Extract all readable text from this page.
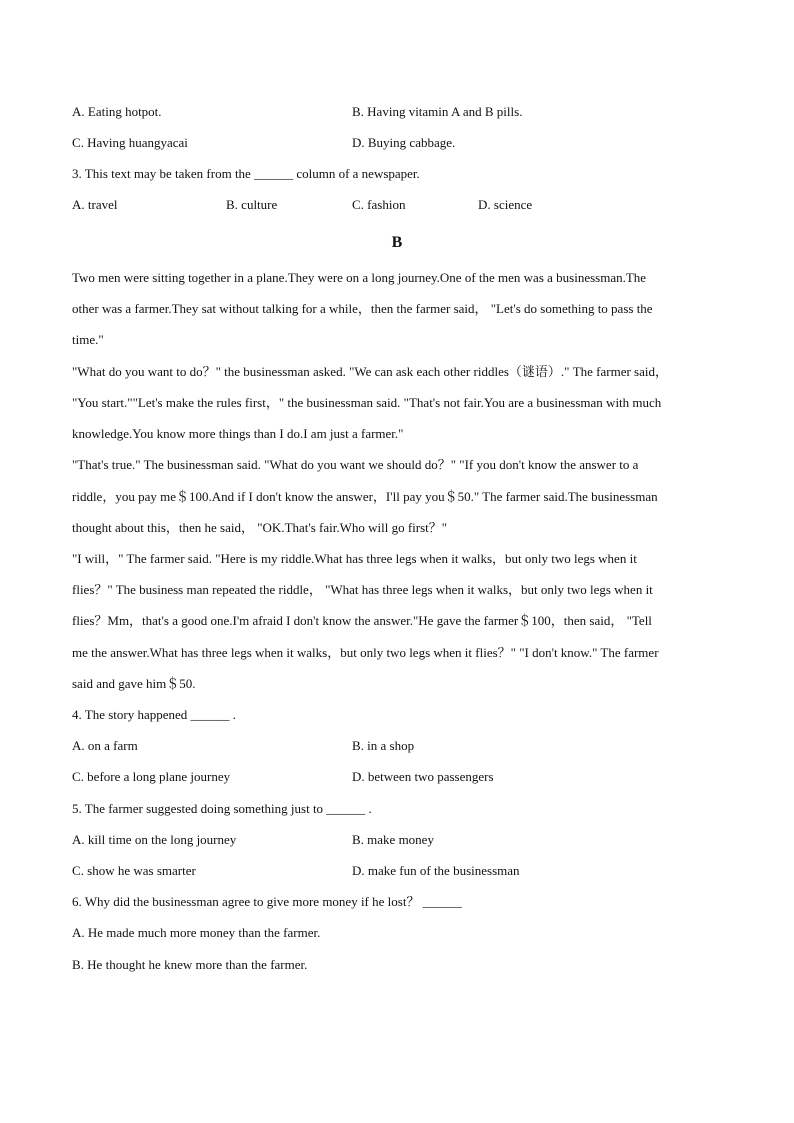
A. Eating hotpot.	B. Having vitamin A and B pills.
C. Having huangyacai	D. Buying cabbage.
3. This text may be taken from the ______ column of a newspaper.
A. travel	B. culture	C. fashion	D. science
B
Two men were sitting together in a plane.They were on a long journey.One of the men was a businessman.The
other was a farmer.They sat without talking for a while，then the farmer said， "Let's do something to pass the
time."
"What do you want to do？" the businessman asked. "We can ask each other riddles（谜语）." The farmer said，
"You start.""Let's make the rules first，" the businessman said. "That's not fair.You are a businessman with much
knowledge.You know more things than I do.I am just a farmer."
"That's true." The businessman said. "What do you want we should do？" "If you don't know the answer to a
riddle，you pay me＄100.And if I don't know the answer，I'll pay you＄50." The farmer said.The businessman
thought about this，then he said， "OK.That's fair.Who will go first？"
"I will，" The farmer said. "Here is my riddle.What has three legs when it walks，but only two legs when it
flies？" The business man repeated the riddle， "What has three legs when it walks，but only two legs when it
flies？Mm，that's a good one.I'm afraid I don't know the answer."He gave the farmer＄100，then said， "Tell
me the answer.What has three legs when it walks，but only two legs when it flies？" "I don't know." The farmer
said and gave him＄50.
4. The story happened ______ .
A. on a farm	B. in a shop
C. before a long plane journey	D. between two passengers
5. The farmer suggested doing something just to ______ .
A. kill time on the long journey	B. make money
C. show he was smarter	D. make fun of the businessman
6. Why did the businessman agree to give more money if he lost？ ______
A. He made much more money than the farmer.
B. He thought he knew more than the farmer.
